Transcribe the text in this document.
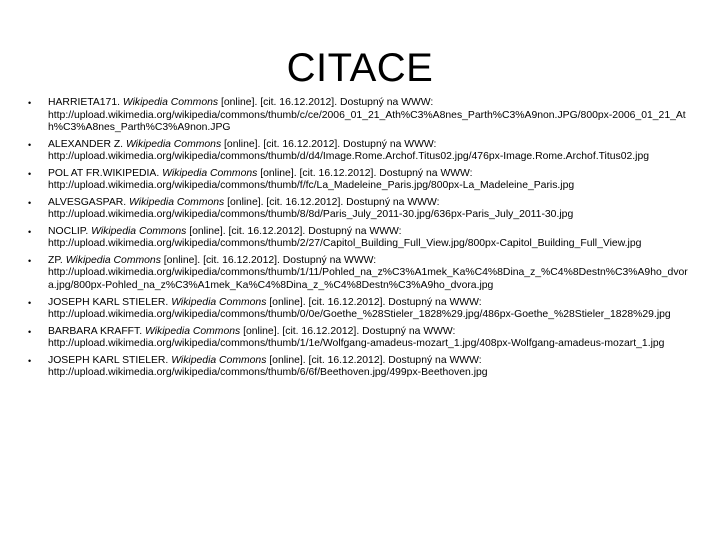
CITACE
•	HARRIETA171. Wikipedia Commons [online]. [cit. 16.12.2012]. Dostupný na WWW:
http://upload.wikimedia.org/wikipedia/commons/thumb/c/ce/2006_01_21_Ath%C3%A8nes_Parth%C3%A9non.JPG/800px-2006_01_21_Ath%C3%A8nes_Parth%C3%A9non.JPG
•	ALEXANDER Z. Wikipedia Commons [online]. [cit. 16.12.2012]. Dostupný na WWW:
http://upload.wikimedia.org/wikipedia/commons/thumb/d/d4/Image.Rome.Archof.Titus02.jpg/476px-Image.Rome.Archof.Titus02.jpg
•	POL AT FR.WIKIPEDIA. Wikipedia Commons [online]. [cit. 16.12.2012]. Dostupný na WWW:
http://upload.wikimedia.org/wikipedia/commons/thumb/f/fc/La_Madeleine_Paris.jpg/800px-La_Madeleine_Paris.jpg
•	ALVESGASPAR. Wikipedia Commons [online]. [cit. 16.12.2012]. Dostupný na WWW:
http://upload.wikimedia.org/wikipedia/commons/thumb/8/8d/Paris_July_2011-30.jpg/636px-Paris_July_2011-30.jpg
•	NOCLIP. Wikipedia Commons [online]. [cit. 16.12.2012]. Dostupný na WWW:
http://upload.wikimedia.org/wikipedia/commons/thumb/2/27/Capitol_Building_Full_View.jpg/800px-Capitol_Building_Full_View.jpg
•	ZP. Wikipedia Commons [online]. [cit. 16.12.2012]. Dostupný na WWW:
http://upload.wikimedia.org/wikipedia/commons/thumb/1/11/Pohled_na_z%C3%A1mek_Ka%C4%8Dina_z_%C4%8Destn%C3%A9ho_dvora.jpg/800px-Pohled_na_z%C3%A1mek_Ka%C4%8Dina_z_%C4%8Destn%C3%A9ho_dvora.jpg
•	JOSEPH KARL STIELER. Wikipedia Commons [online]. [cit. 16.12.2012]. Dostupný na WWW:
http://upload.wikimedia.org/wikipedia/commons/thumb/0/0e/Goethe_%28Stieler_1828%29.jpg/486px-Goethe_%28Stieler_1828%29.jpg
•	BARBARA KRAFFT. Wikipedia Commons [online]. [cit. 16.12.2012]. Dostupný na WWW:
http://upload.wikimedia.org/wikipedia/commons/thumb/1/1e/Wolfgang-amadeus-mozart_1.jpg/408px-Wolfgang-amadeus-mozart_1.jpg
•	JOSEPH KARL STIELER. Wikipedia Commons [online]. [cit. 16.12.2012]. Dostupný na WWW:
http://upload.wikimedia.org/wikipedia/commons/thumb/6/6f/Beethoven.jpg/499px-Beethoven.jpg
